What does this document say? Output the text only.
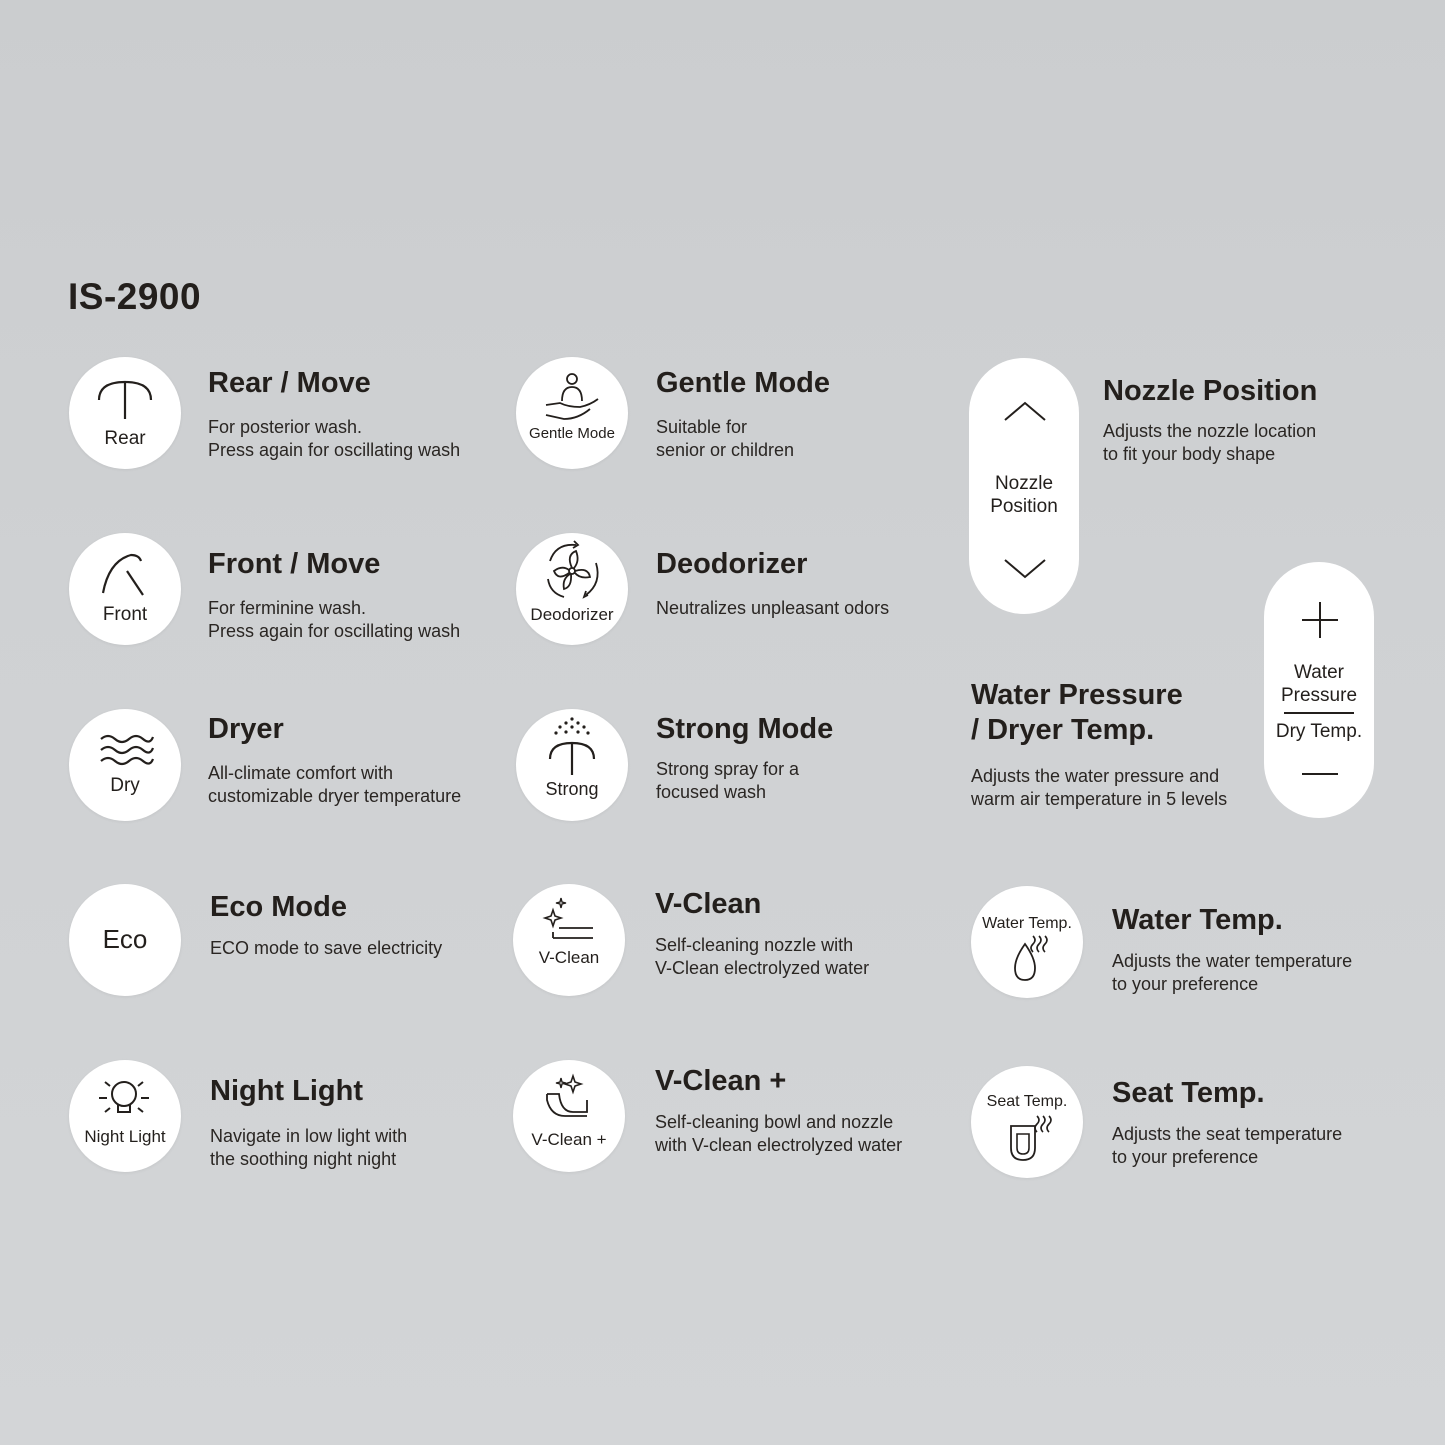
IS-2900
Rear
Rear / Move
For posterior wash.
Press again for oscillating wash
Front
Front / Move
For ferminine wash.
Press again for oscillating wash
Dry
Dryer
All-climate comfort with
customizable dryer temperature
Eco
Eco Mode
ECO mode to save electricity
Night Light
Night Light
Navigate in low light with
the soothing night night
Gentle Mode
Gentle Mode
Suitable for
senior or children
Deodorizer
Deodorizer
Neutralizes unpleasant odors
Strong
Strong Mode
Strong spray for a
focused wash
V-Clean
V-Clean
Self-cleaning nozzle with
V-Clean electrolyzed water
V-Clean +
V-Clean +
Self-cleaning bowl and nozzle
with V-clean electrolyzed water
Nozzle
Position
Nozzle Position
Adjusts the nozzle location
to fit your body shape
Water
Pressure
Dry Temp.
Water Pressure
/ Dryer Temp.
Adjusts the water pressure and
warm air temperature in 5 levels
Water Temp.	Water Temp.
Adjusts the water temperature
to your preference
Seat Temp.	Seat Temp.
Adjusts the seat temperature
to your preference
